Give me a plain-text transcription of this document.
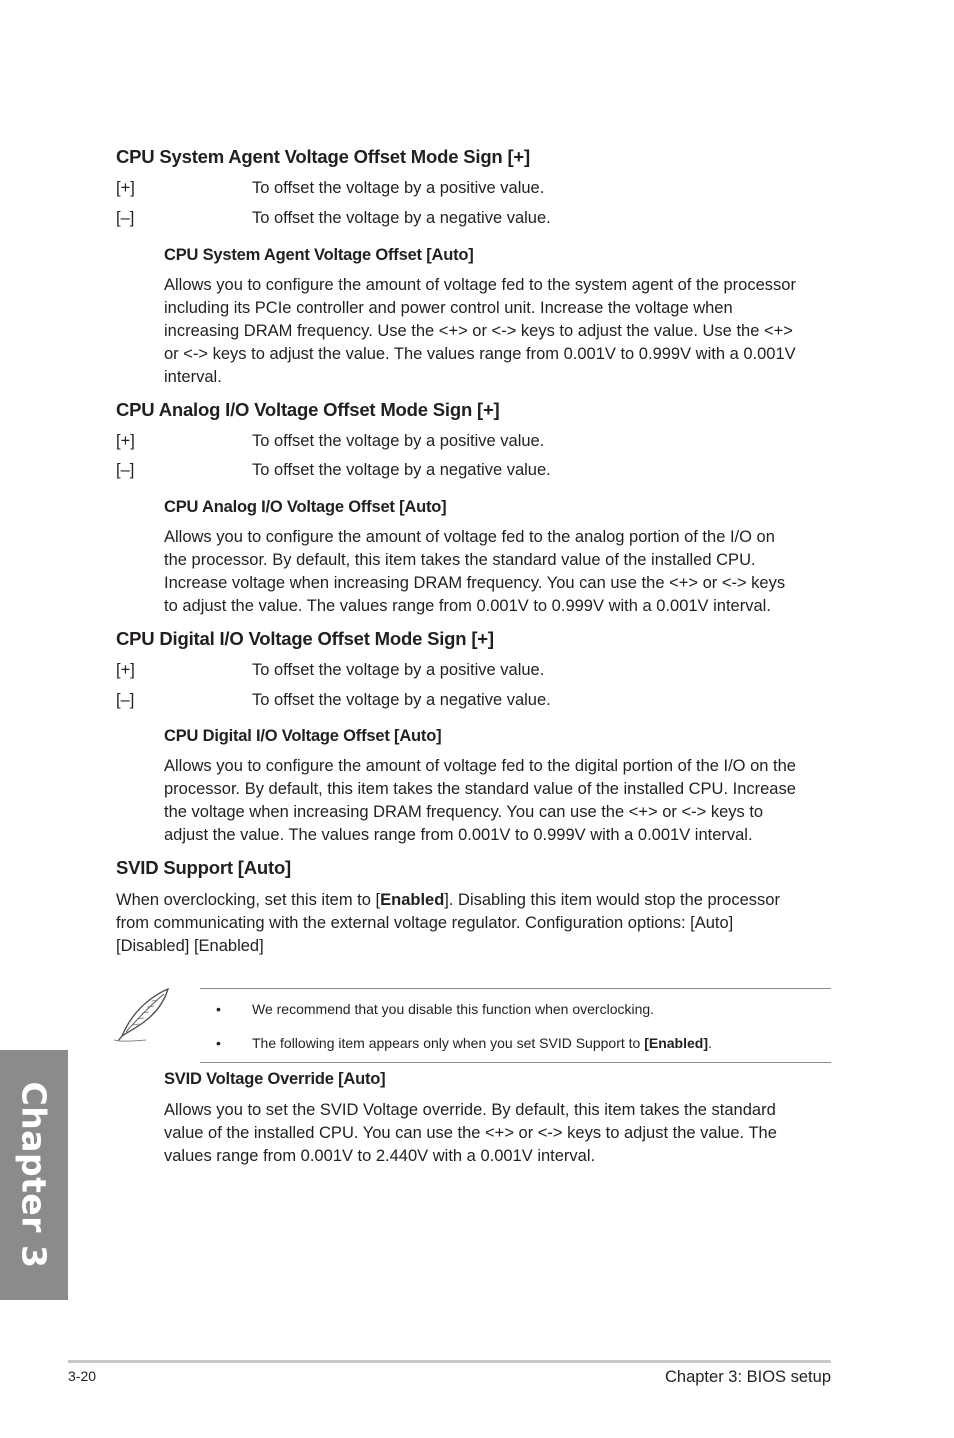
CPU System Agent Voltage Offset Mode Sign [+]
[+]	To offset the voltage by a positive value.
[–]	To offset the voltage by a negative value.
CPU System Agent Voltage Offset [Auto]
Allows you to configure the amount of voltage fed to the system agent of the processor
including its PCIe controller and power control unit. Increase the voltage when
increasing DRAM frequency. Use the <+> or <-> keys to adjust the value. Use the <+>
or <-> keys to adjust the value. The values range from 0.001V to 0.999V with a 0.001V
interval.
CPU Analog I/O Voltage Offset Mode Sign [+]
[+]	To offset the voltage by a positive value.
[–]	To offset the voltage by a negative value.
CPU Analog I/O Voltage Offset [Auto]
Allows you to configure the amount of voltage fed to the analog portion of the I/O on
the processor. By default, this item takes the standard value of the installed CPU.
Increase voltage when increasing DRAM frequency. You can use the <+> or <-> keys
to adjust the value. The values range from 0.001V to 0.999V with a 0.001V interval.
CPU Digital I/O Voltage Offset Mode Sign [+]
[+]	To offset the voltage by a positive value.
[–]	To offset the voltage by a negative value.
CPU Digital I/O Voltage Offset [Auto]
Allows you to configure the amount of voltage fed to the digital portion of the I/O on the
processor. By default, this item takes the standard value of the installed CPU. Increase
the voltage when increasing DRAM frequency. You can use the <+> or <-> keys to
adjust the value. The values range from 0.001V to 0.999V with a 0.001V interval.
SVID Support [Auto]
When overclocking, set this item to [Enabled]. Disabling this item would stop the processor
from communicating with the external voltage regulator. Configuration options: [Auto]
[Disabled] [Enabled]
• We recommend that you disable this function when overclocking.
• The following item appears only when you set SVID Support to [Enabled].
SVID Voltage Override [Auto]
Allows you to set the SVID Voltage override. By default, this item takes the standard
value of the installed CPU. You can use the <+> or <-> keys to adjust the value. The
values range from 0.001V to 2.440V with a 0.001V interval.
Chapter 3
3-20	Chapter 3: BIOS setup
